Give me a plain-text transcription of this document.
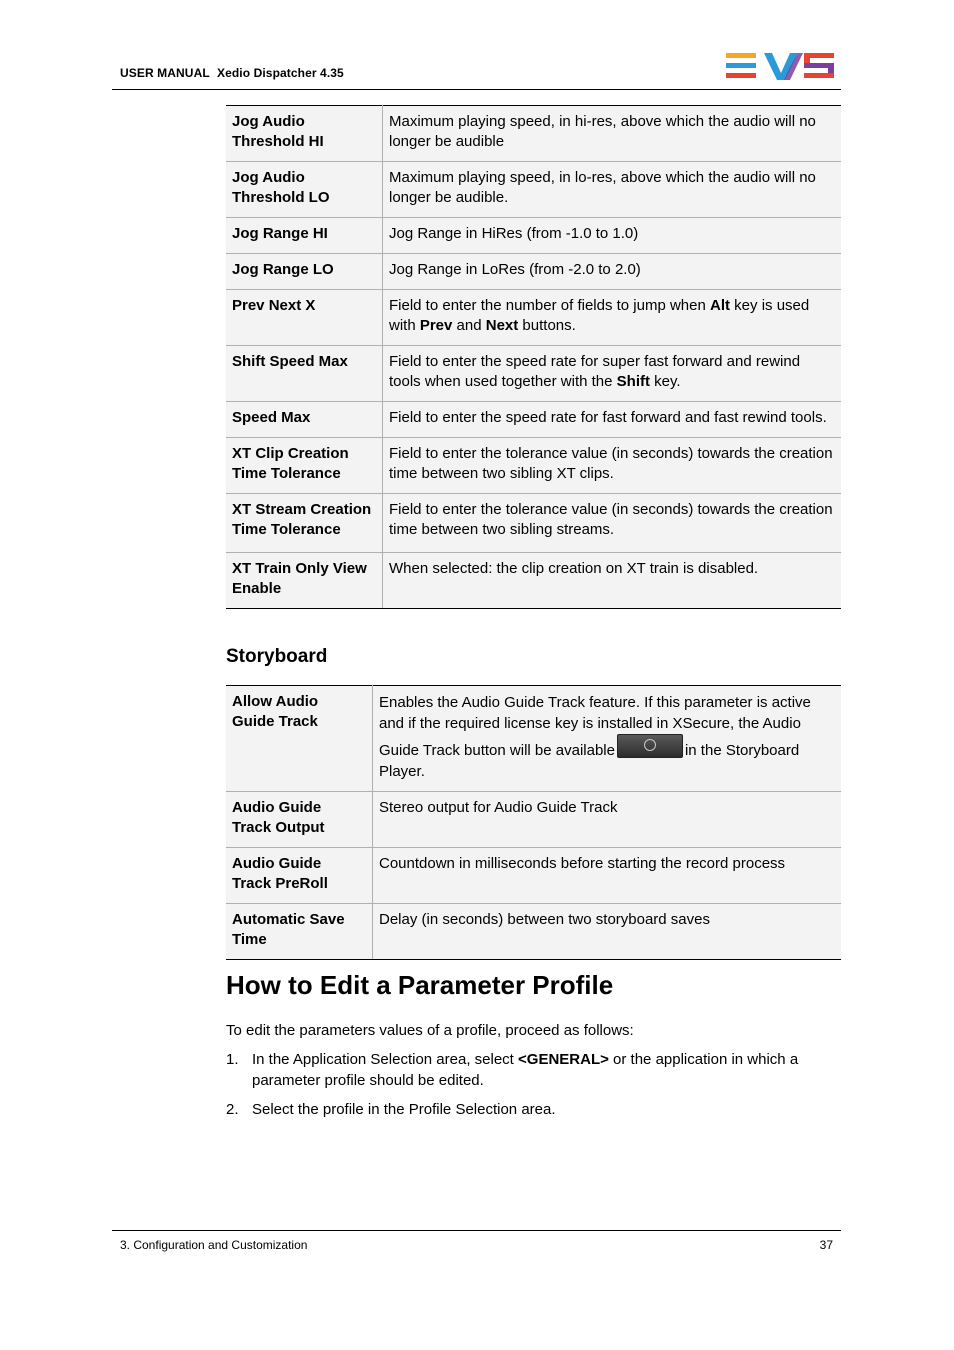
USER MANUAL Xedio Dispatcher 4.35
Jog Audio Threshold HI	Maximum playing speed, in hi-res, above which the audio will no longer be audible
Jog Audio Threshold LO	Maximum playing speed, in lo-res, above which the audio will no longer be audible.
Jog Range HI	Jog Range in HiRes (from -1.0 to 1.0)
Jog Range LO	Jog Range in LoRes (from -2.0 to 2.0)
Prev Next X	Field to enter the number of fields to jump when Alt key is used with Prev and Next buttons.
Shift Speed Max	Field to enter the speed rate for super fast forward and rewind tools when used together with the Shift key.
Speed Max	Field to enter the speed rate for fast forward and fast rewind tools.
XT Clip Creation Time Tolerance	Field to enter the tolerance value (in seconds) towards the creation time between two sibling XT clips.
XT Stream Creation Time Tolerance	Field to enter the tolerance value (in seconds) towards the creation time between two sibling streams.
XT Train Only View Enable	When selected: the clip creation on XT train is disabled.
Storyboard
Allow Audio Guide Track	Enables the Audio Guide Track feature. If this parameter is active and if the required license key is installed in XSecure, the Audio Guide Track button will be available in the Storyboard Player.
Audio Guide Track Output	Stereo output for Audio Guide Track
Audio Guide Track PreRoll	Countdown in milliseconds before starting the record process
Automatic Save Time	Delay (in seconds) between two storyboard saves
How to Edit a Parameter Profile
To edit the parameters values of a profile, proceed as follows:
1. In the Application Selection area, select <GENERAL> or the application in which a parameter profile should be edited.
2. Select the profile in the Profile Selection area.
3. Configuration and Customization	37
